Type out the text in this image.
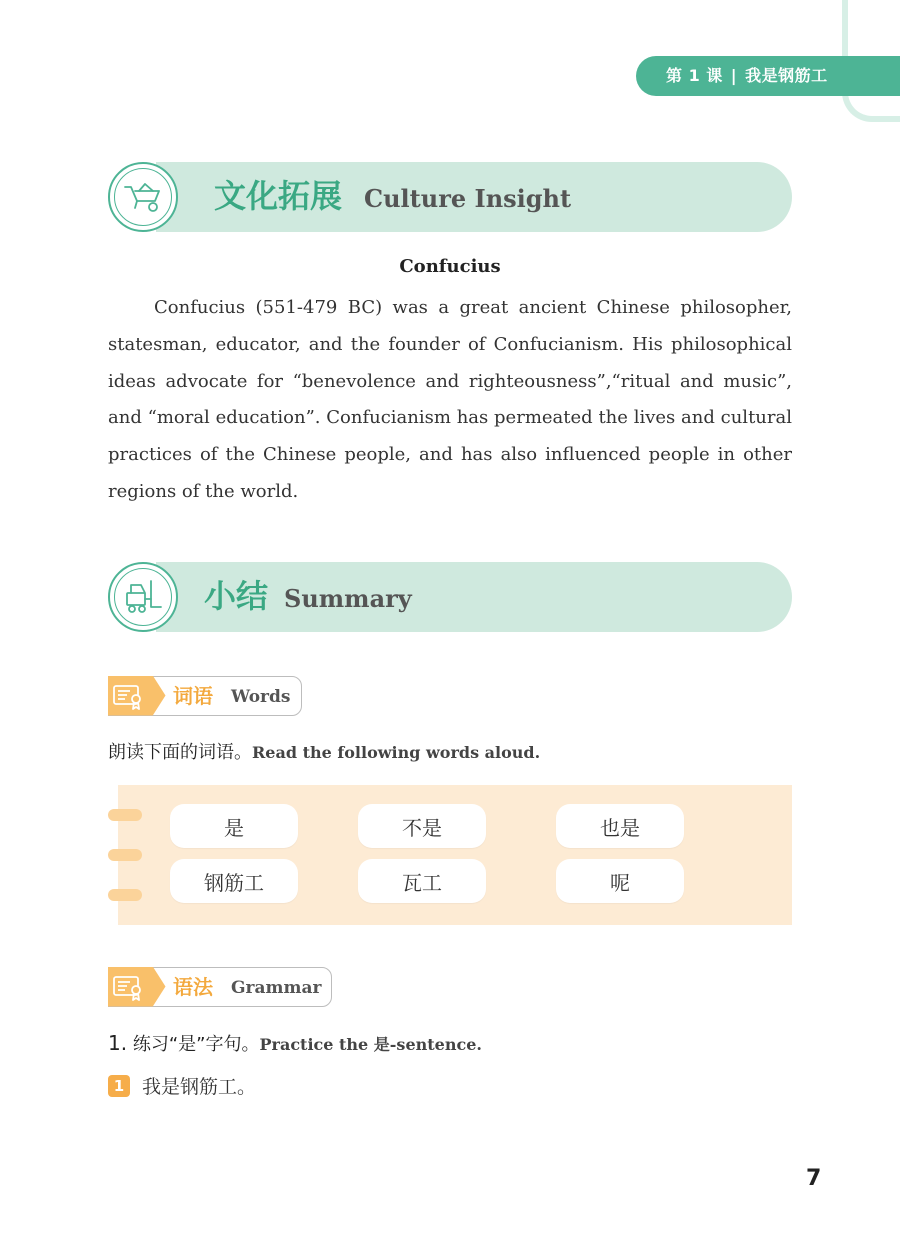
第 1 课 | 我是钢筋工
文化拓展 Culture Insight
Confucius

Confucius (551-479 BC) was a great ancient Chinese philosopher, statesman, educator, and the founder of Confucianism. His philosophical ideas advocate for “benevolence and righteousness”,“ritual and music”, and “moral education”. Confucianism has permeated the lives and cultural practices of the Chinese people, and has also influenced people in other regions of the world.

小结 Summary
词语 Words
朗读下面的词语。Read the following words aloud.
是	不是	也是
钢筋工	瓦工	呢
语法 Grammar
1. 练习“是”字句。Practice the 是-sentence.
1 我是钢筋工。
7
